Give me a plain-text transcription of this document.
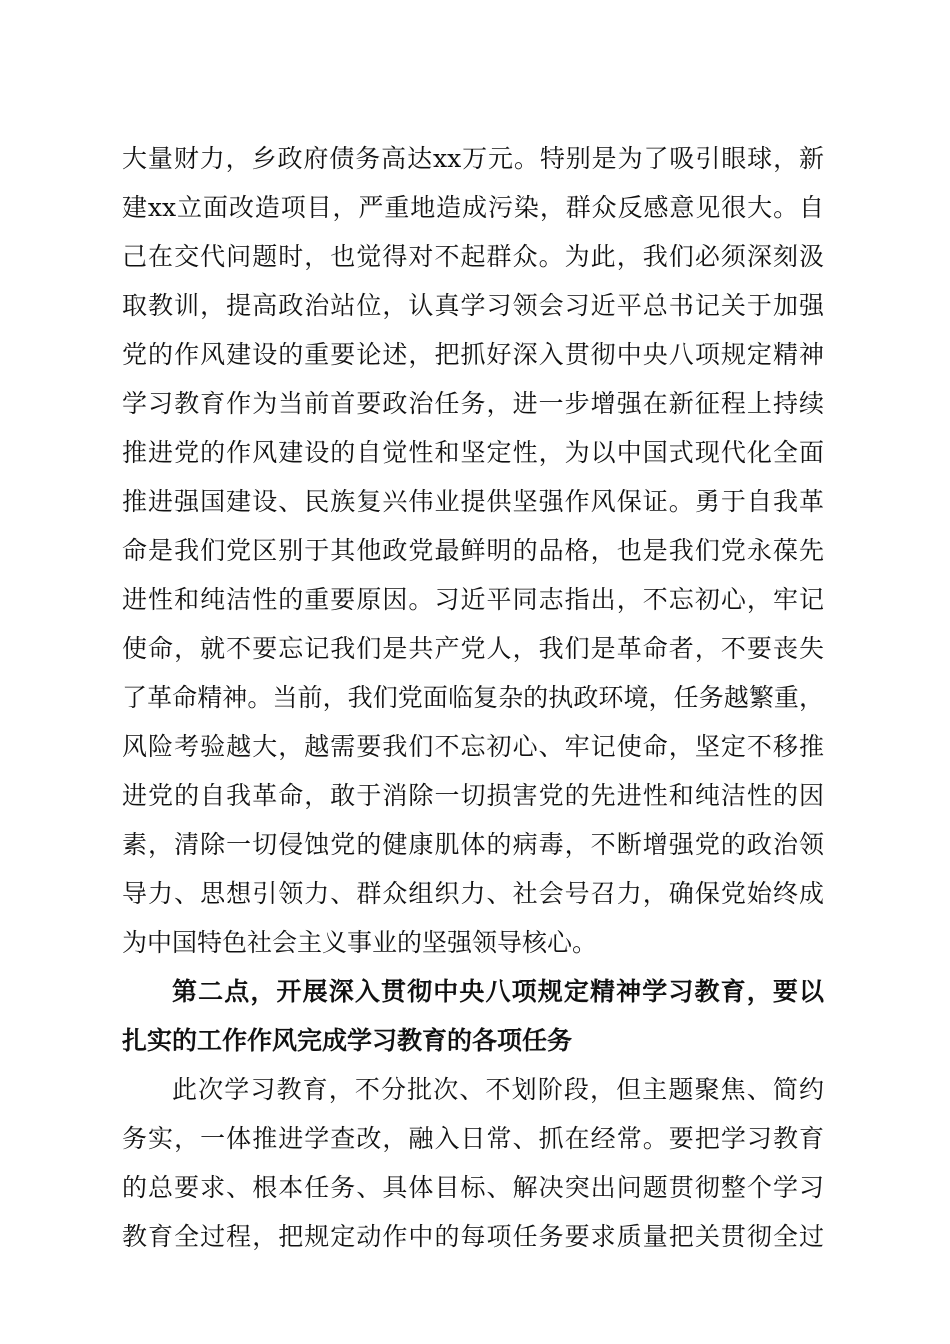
大量财力，乡政府债务高达xx万元。特别是为了吸引眼球，新
建xx立面改造项目，严重地造成污染，群众反感意见很大。自
己在交代问题时，也觉得对不起群众。为此，我们必须深刻汲
取教训，提高政治站位，认真学习领会习近平总书记关于加强
党的作风建设的重要论述，把抓好深入贯彻中央八项规定精神
学习教育作为当前首要政治任务，进一步增强在新征程上持续
推进党的作风建设的自觉性和坚定性，为以中国式现代化全面
推进强国建设、民族复兴伟业提供坚强作风保证。勇于自我革
命是我们党区别于其他政党最鲜明的品格，也是我们党永葆先
进性和纯洁性的重要原因。习近平同志指出，不忘初心，牢记
使命，就不要忘记我们是共产党人，我们是革命者，不要丧失
了革命精神。当前，我们党面临复杂的执政环境，任务越繁重，
风险考验越大，越需要我们不忘初心、牢记使命，坚定不移推
进党的自我革命，敢于消除一切损害党的先进性和纯洁性的因
素，清除一切侵蚀党的健康肌体的病毒，不断增强党的政治领
导力、思想引领力、群众组织力、社会号召力，确保党始终成
为中国特色社会主义事业的坚强领导核心。
第二点，开展深入贯彻中央八项规定精神学习教育，要以
扎实的工作作风完成学习教育的各项任务
此次学习教育，不分批次、不划阶段，但主题聚焦、简约
务实，一体推进学查改，融入日常、抓在经常。要把学习教育
的总要求、根本任务、具体目标、解决突出问题贯彻整个学习
教育全过程，把规定动作中的每项任务要求质量把关贯彻全过
